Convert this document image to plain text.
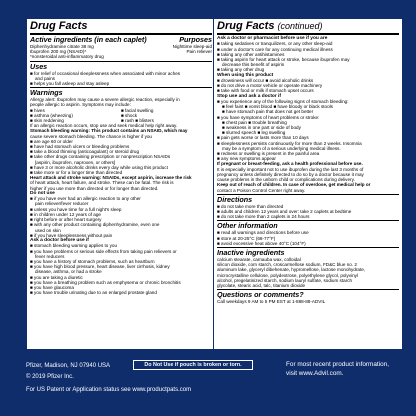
Drug Facts
Active ingredients (in each caplet)	Purposes
Diphenhydramine citrate 38 mg	Nighttime sleep-aid
Ibuprofen 200 mg (NSAID)*	Pain reliever
*nonsteroidal anti-inflammatory drug
Uses
■ for relief of occasional sleeplessness when associated with minor aches
and pains
■ helps you fall asleep and stay asleep
Warnings
Allergy alert: Ibuprofen may cause a severe allergic reaction, especially in
people allergic to aspirin. Symptoms may include:
■ hives	■ facial swelling
■ asthma (wheezing)	■ shock
■ skin reddening	■ rash ■ blisters
If an allergic reaction occurs, stop use and seek medical help right away.
Stomach bleeding warning: This product contains an NSAID, which may
cause severe stomach bleeding. The chance is higher if you
■ are age 60 or older
■ have had stomach ulcers or bleeding problems
■ take a blood thinning (anticoagulant) or steroid drug
■ take other drugs containing prescription or nonprescription NSAIDs
[aspirin, ibuprofen, naproxen, or others]
■ have 3 or more alcoholic drinks every day while using this product
■ take more or for a longer time than directed
Heart attack and stroke warning: NSAIDs, except aspirin, increase the risk
of heart attack, heart failure, and stroke. These can be fatal. The risk is
higher if you use more than directed or for longer than directed.
Do not use
■ if you have ever had an allergic reaction to any other
pain reliever/fever reducer
■ unless you have time for a full night's sleep
■ in children under 12 years of age
■ right before or after heart surgery
■ with any other product containing diphenhydramine, even one
used on skin
■ if you have sleeplessness without pain
Ask a doctor before use if
■ stomach bleeding warning applies to you
■ you have problems or serious side effects from taking pain relievers or
fever reducers
■ you have a history of stomach problems, such as heartburn
■ you have high blood pressure, heart disease, liver cirrhosis, kidney
disease, asthma, or had a stroke
■ you are taking a diuretic
■ you have a breathing problem such as emphysema or chronic bronchitis
■ you have glaucoma
■ you have trouble urinating due to an enlarged prostate gland
Drug Facts (continued)
Ask a doctor or pharmacist before use if you are
■ taking sedatives or tranquilizers, or any other sleep-aid
■ under a doctor's care for any continuing medical illness
■ taking any other antihistamines
■ taking aspirin for heart attack or stroke, because ibuprofen may
decrease this benefit of aspirin
■ taking any other drug
When using this product
■ drowsiness will occur ■ avoid alcoholic drinks
■ do not drive a motor vehicle or operate machinery
■ take with food or milk if stomach upset occurs
Stop use and ask a doctor if
■ you experience any of the following signs of stomach bleeding:
■ feel faint ■ vomit blood ■ have bloody or black stools
■ have stomach pain that does not get better
■ you have symptoms of heart problems or stroke:
■ chest pain ■ trouble breathing
■ weakness in one part or side of body
■ slurred speech ■ leg swelling
■ pain gets worse or lasts more than 10 days
■ sleeplessness persists continuously for more than 2 weeks. Insomnia
may be a symptom of a serious underlying medical illness.
■ redness or swelling is present in the painful area
■ any new symptoms appear
If pregnant or breast-feeding, ask a health professional before use.
It is especially important not to use ibuprofen during the last 3 months of
pregnancy unless definitely directed to do so by a doctor because it may
cause problems in the unborn child or complications during delivery.
Keep out of reach of children. In case of overdose, get medical help or
contact a Poison Control Center right away.
Directions
■ do not take more than directed
■ adults and children 12 years and over: take 2 caplets at bedtime
■ do not take more than 2 caplets in 24 hours
Other information
■ read all warnings and directions before use
■ store at 20-25°C (68-77°F)
■ avoid excessive heat above 40°C (104°F)
Inactive ingredients
calcium stearate, carnauba wax, colloidal
silicon dioxide, corn starch, croscarmellose sodium, FD&C blue no. 2
aluminum lake, glyceryl dibehenate, hypromellose, lactose monohydrate,
microcrystalline cellulose, polydextrose, polyethylene glycol, polyvinyl
alcohol, pregelatinized starch, sodium lauryl sulfate, sodium starch
glycolate, stearic acid, talc, titanium dioxide
Questions or comments?
Call weekdays 9 AM to 5 PM EST at 1-888-88-ADVIL
Pfizer, Madison, NJ 07940 USA
© 2019 Pfizer Inc.
For US Patent or Application status see www.productpats.com
Do Not Use if pouch is broken or torn.	For most recent product information,
visit www.Advil.com.
